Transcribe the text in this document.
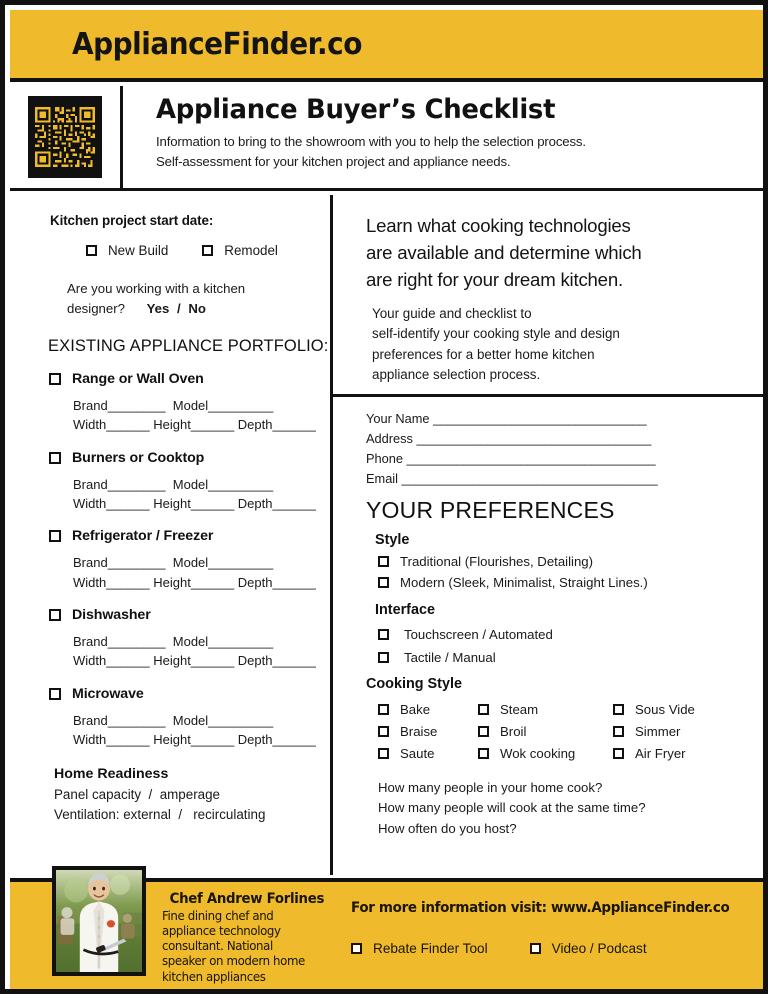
ApplianceFinder.co
Appliance Buyer’s Checklist
Information to bring to the showroom with you to help the selection process.
Self-assessment for your kitchen project and appliance needs.
Kitchen project start date:
New Build	Remodel
Are you working with a kitchen
designer? Yes / No
EXISTING APPLIANCE PORTFOLIO:
Range or Wall Oven
Brand________  Model_________
Width______ Height______ Depth______
Burners or Cooktop
Brand________  Model_________
Width______ Height______ Depth______
Refrigerator / Freezer
Brand________  Model_________
Width______ Height______ Depth______
Dishwasher
Brand________  Model_________
Width______ Height______ Depth______
Microwave
Brand________  Model_________
Width______ Height______ Depth______
Home Readiness
Panel capacity  /  amperage
Ventilation: external  /   recirculating
Learn what cooking technologies
are available and determine which
are right for your dream kitchen.
Your guide and checklist to
self-identify your cooking style and design
preferences for a better home kitchen
appliance selection process.
Your Name ______________________________
Address _________________________________
Phone ___________________________________
Email ____________________________________
YOUR PREFERENCES
Style
Traditional (Flourishes, Detailing)
Modern (Sleek, Minimalist, Straight Lines.)
Interface
Touchscreen / Automated
Tactile / Manual
Cooking Style
Bake	Steam	Sous Vide
Braise	Broil	Simmer
Saute	Wok cooking	Air Fryer
How many people in your home cook?
How many people will cook at the same time?
How often do you host?
Chef Andrew Forlines
Fine dining chef and
appliance technology
consultant. National
speaker on modern home
kitchen appliances
For more information visit: www.ApplianceFinder.co
Rebate Finder Tool	Video / Podcast
